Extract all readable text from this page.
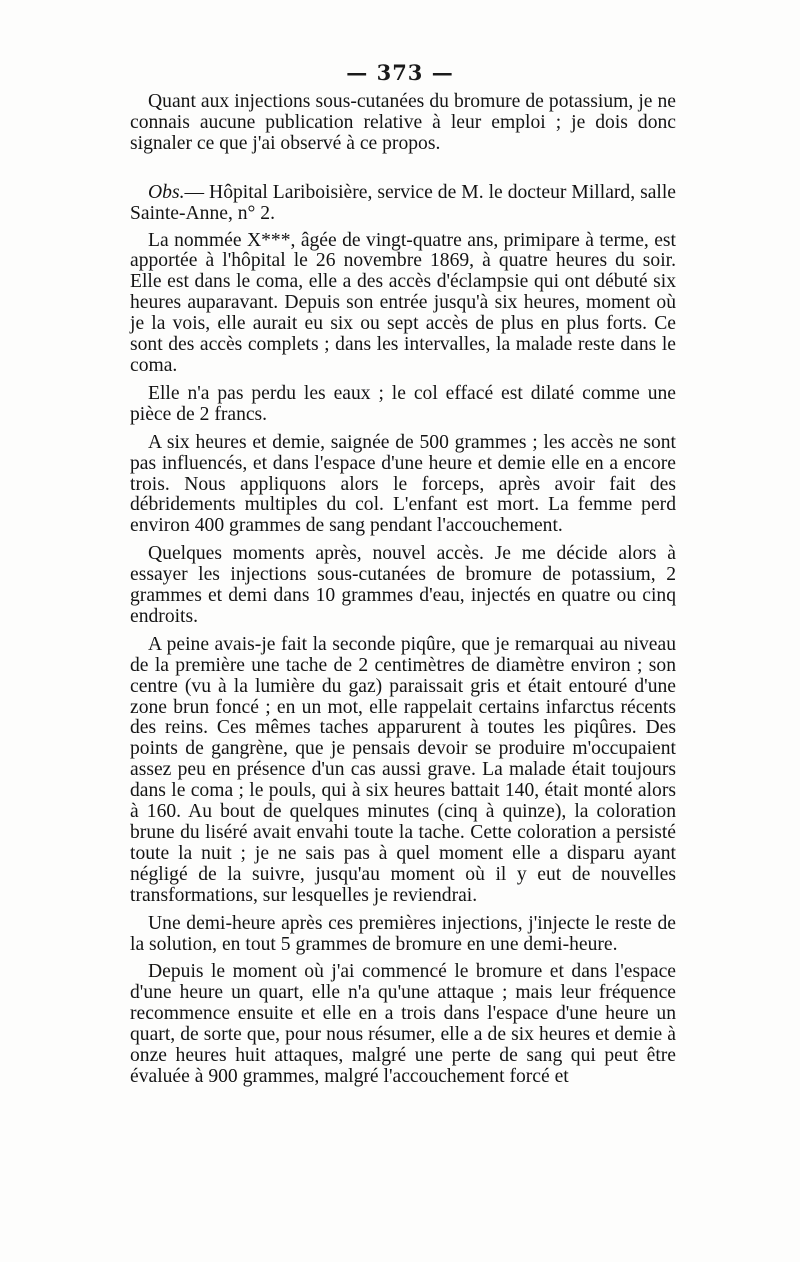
— 373 —

Quant aux injections sous-cutanées du bromure de potassium, je ne connais aucune publication relative à leur emploi ; je dois donc signaler ce que j'ai observé à ce propos.

Obs.— Hôpital Lariboisière, service de M. le docteur Millard, salle Sainte-Anne, n° 2.

La nommée X***, âgée de vingt-quatre ans, primipare à terme, est apportée à l'hôpital le 26 novembre 1869, à quatre heures du soir. Elle est dans le coma, elle a des accès d'éclampsie qui ont débuté six heures auparavant. Depuis son entrée jusqu'à six heures, moment où je la vois, elle aurait eu six ou sept accès de plus en plus forts. Ce sont des accès complets ; dans les intervalles, la malade reste dans le coma.

Elle n'a pas perdu les eaux ; le col effacé est dilaté comme une pièce de 2 francs.

A six heures et demie, saignée de 500 grammes ; les accès ne sont pas influencés, et dans l'espace d'une heure et demie elle en a encore trois. Nous appliquons alors le forceps, après avoir fait des débridements multiples du col. L'enfant est mort. La femme perd environ 400 grammes de sang pendant l'accouchement.

Quelques moments après, nouvel accès. Je me décide alors à essayer les injections sous-cutanées de bromure de potassium, 2 grammes et demi dans 10 grammes d'eau, injectés en quatre ou cinq endroits.

A peine avais-je fait la seconde piqûre, que je remarquai au niveau de la première une tache de 2 centimètres de diamètre environ ; son centre (vu à la lumière du gaz) paraissait gris et était entouré d'une zone brun foncé ; en un mot, elle rappelait certains infarctus récents des reins. Ces mêmes taches apparurent à toutes les piqûres. Des points de gangrène, que je pensais devoir se produire m'occupaient assez peu en présence d'un cas aussi grave. La malade était toujours dans le coma ; le pouls, qui à six heures battait 140, était monté alors à 160. Au bout de quelques minutes (cinq à quinze), la coloration brune du liséré avait envahi toute la tache. Cette coloration a persisté toute la nuit ; je ne sais pas à quel moment elle a disparu ayant négligé de la suivre, jusqu'au moment où il y eut de nouvelles transformations, sur lesquelles je reviendrai.

Une demi-heure après ces premières injections, j'injecte le reste de la solution, en tout 5 grammes de bromure en une demi-heure.

Depuis le moment où j'ai commencé le bromure et dans l'espace d'une heure un quart, elle n'a qu'une attaque ; mais leur fréquence recommence ensuite et elle en a trois dans l'espace d'une heure un quart, de sorte que, pour nous résumer, elle a de six heures et demie à onze heures huit attaques, malgré une perte de sang qui peut être évaluée à 900 grammes, malgré l'accouchement forcé et
